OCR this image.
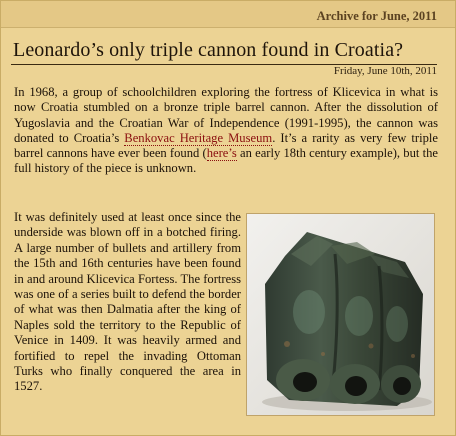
Archive for June, 2011
Leonardo’s only triple cannon found in Croatia?
Friday, June 10th, 2011

In 1968, a group of schoolchildren exploring the fortress of Klicevica in what is now Croatia stumbled on a bronze triple barrel cannon. After the dissolution of Yugoslavia and the Croatian War of Independence (1991-1995), the cannon was donated to Croatia’s Benkovac Heritage Museum. It’s a rarity as very few triple barrel cannons have ever been found (here’s an early 18th century example), but the full history of the piece is unknown.

It was definitely used at least once since the underside was blown off in a botched firing. A large number of bullets and artillery from the 15th and 16th centuries have been found in and around Klicevica Fortess. The fortress was one of a series built to defend the border of what was then Dalmatia after the king of Naples sold the territory to the Republic of Venice in 1409. It was heavily armed and fortified to repel the invading Ottoman Turks who finally conquered the area in 1527.
